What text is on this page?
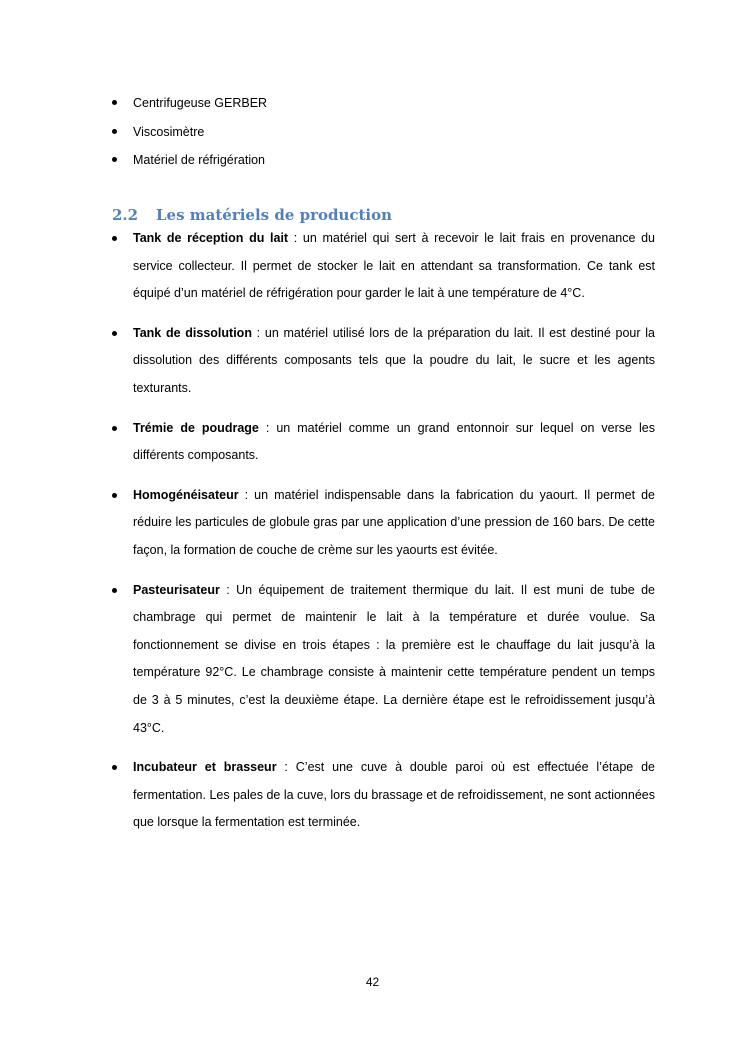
Centrifugeuse GERBER
Viscosimètre
Matériel de réfrigération
2.2 Les matériels de production
Tank de réception du lait : un matériel qui sert à recevoir le lait frais en provenance du service collecteur. Il permet de stocker le lait en attendant sa transformation. Ce tank est équipé d’un matériel de réfrigération pour garder le lait à une température de 4°C.
Tank de dissolution : un matériel utilisé lors de la préparation du lait. Il est destiné pour la dissolution des différents composants tels que la poudre du lait, le sucre et les agents texturants.
Trémie de poudrage : un matériel comme un grand entonnoir sur lequel on verse les différents composants.
Homogénéisateur : un matériel indispensable dans la fabrication du yaourt. Il permet de réduire les particules de globule gras par une application d’une pression de 160 bars. De cette façon, la formation de couche de crème sur les yaourts est évitée.
Pasteurisateur : Un équipement de traitement thermique du lait. Il est muni de tube de chambrage qui permet de maintenir le lait à la température et durée voulue. Sa fonctionnement se divise en trois étapes : la première est le chauffage du lait jusqu’à la température 92°C. Le chambrage consiste à maintenir cette température pendent un temps de 3 à 5 minutes, c’est la deuxième étape. La dernière étape est le refroidissement jusqu’à 43°C.
Incubateur et brasseur : C’est une cuve à double paroi où est effectuée l’étape de fermentation. Les pales de la cuve, lors du brassage et de refroidissement, ne sont actionnées que lorsque la fermentation est terminée.
42
